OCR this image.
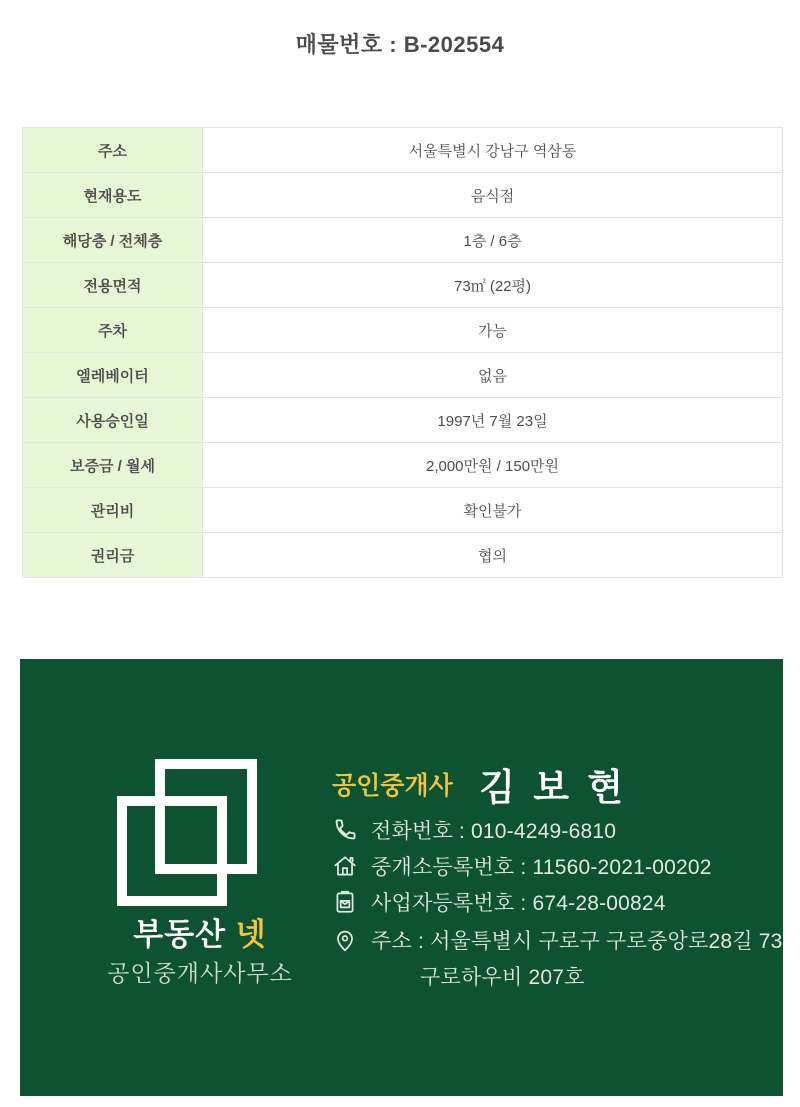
매물번호 : B-202554
주소	서울특별시 강남구 역삼동
현재용도	음식점
해당층 / 전체층	1층 / 6층
전용면적	73㎡ (22평)
주차	가능
엘레베이터	없음
사용승인일	1997년 7월 23일
보증금 / 월세	2,000만원 / 150만원
관리비	확인불가
권리금	협의
부동산 넷
공인중개사사무소
공인중개사 김 보 현
전화번호 : 010-4249-6810
중개소등록번호 : 11560-2021-00202
사업자등록번호 : 674-28-00824
주소 : 서울특별시 구로구 구로중앙로28길 73
구로하우비 207호
